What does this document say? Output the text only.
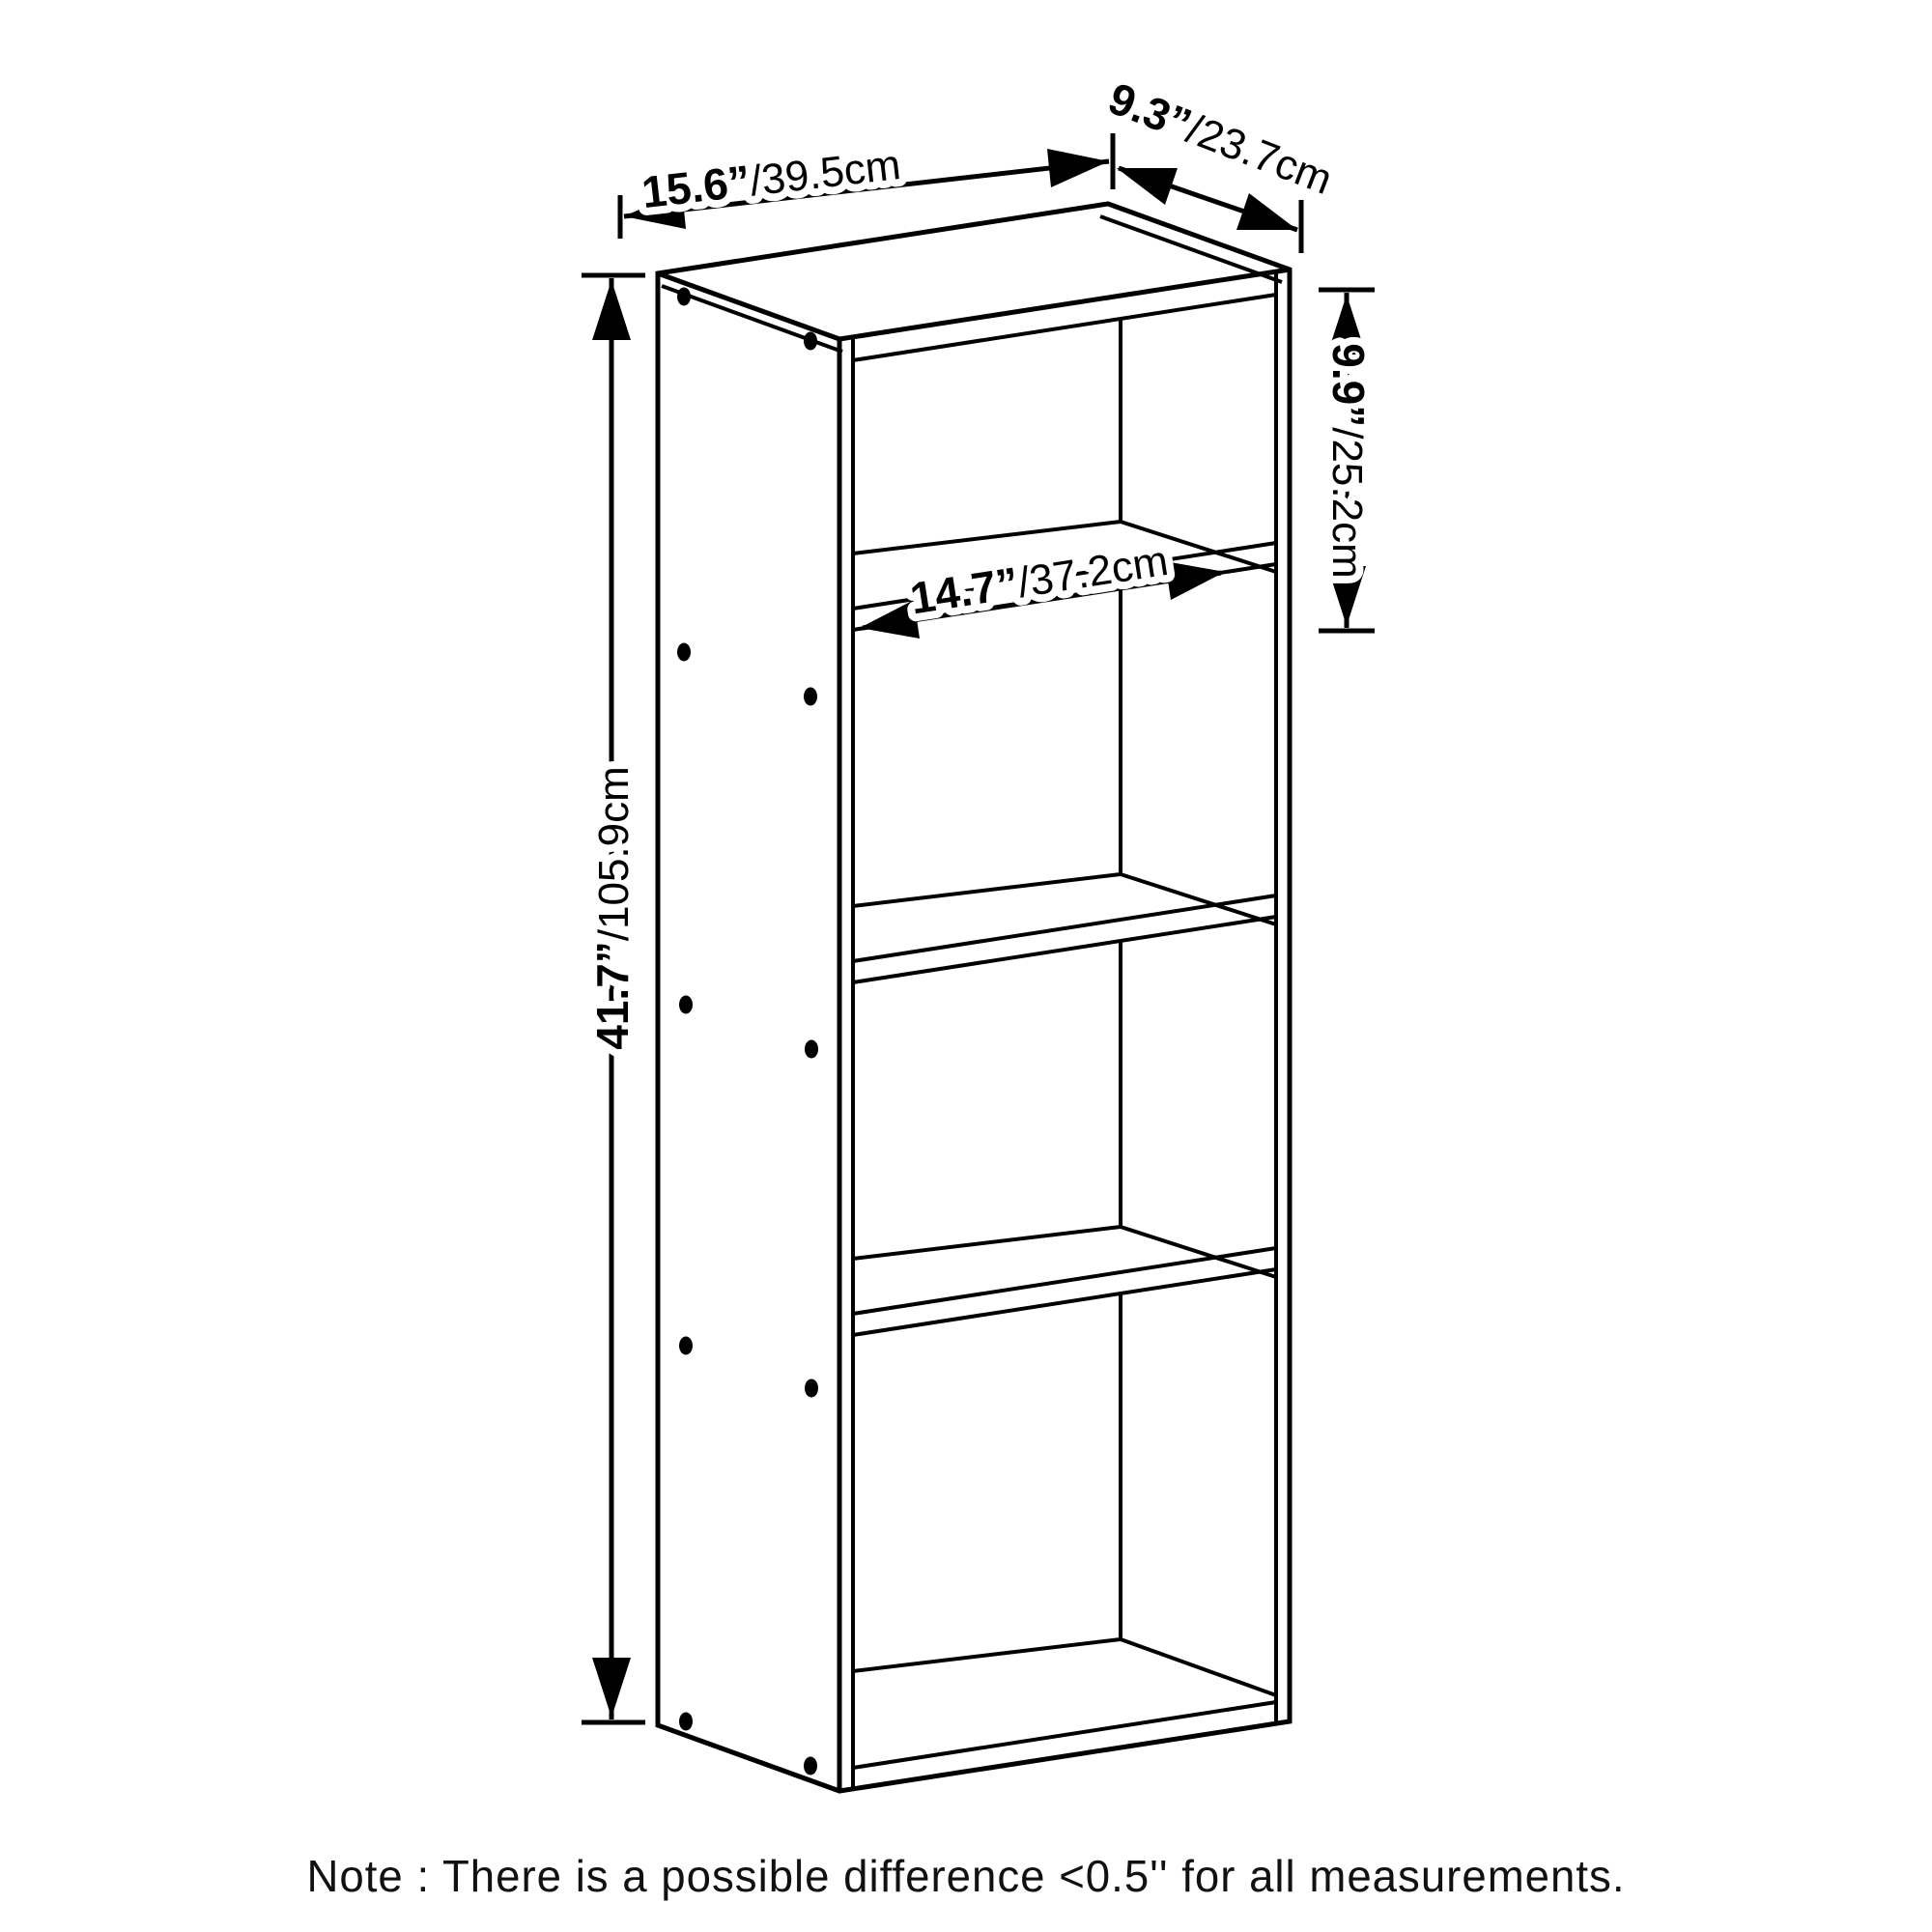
41.7”/105.9cm
15.6”/39.5cm
9.3”/23.7cm
9.9”/25.2cm
14.7”/37.2cm
Note : There is a possible difference <0.5'' for all measurements.
